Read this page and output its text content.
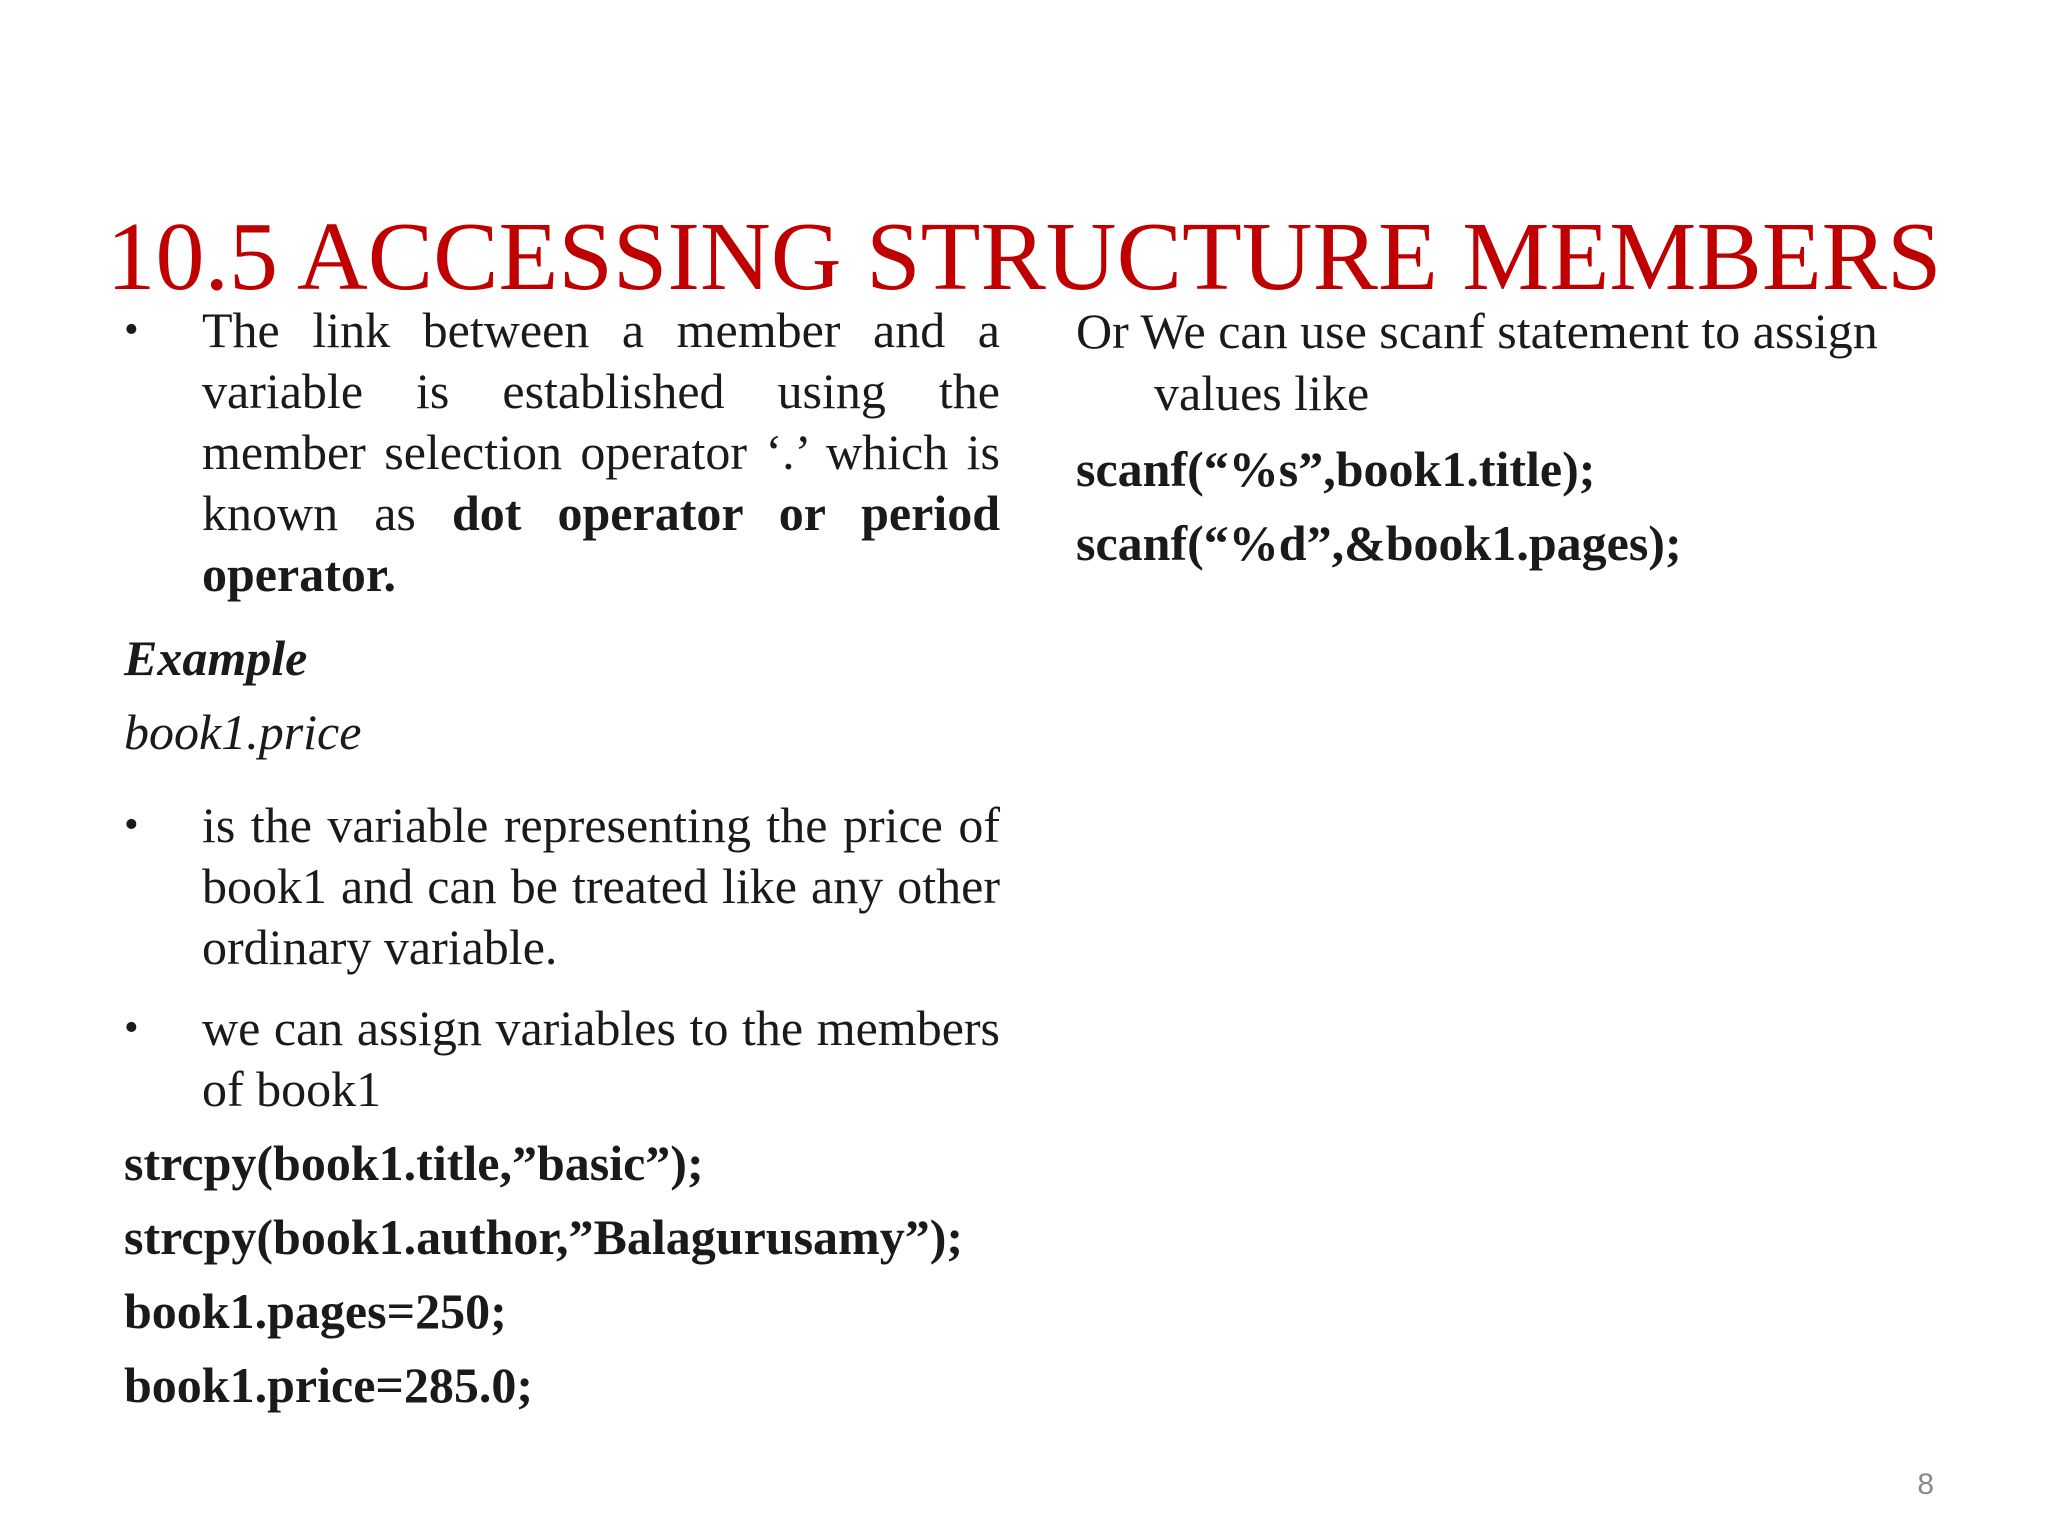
10.5 ACCESSING STRUCTURE MEMBERS
• The link between a member and a variable is established using the member selection operator ‘.’ which is known as dot operator or period operator.
Example
book1.price
• is the variable representing the price of book1 and can be treated like any other ordinary variable.
• we can assign variables to the members of book1
strcpy(book1.title,”basic”);
strcpy(book1.author,”Balagurusamy”);
book1.pages=250;
book1.price=285.0;
Or We can use scanf statement to assign values like
scanf(“%s”,book1.title);
scanf(“%d”,&book1.pages);
8
